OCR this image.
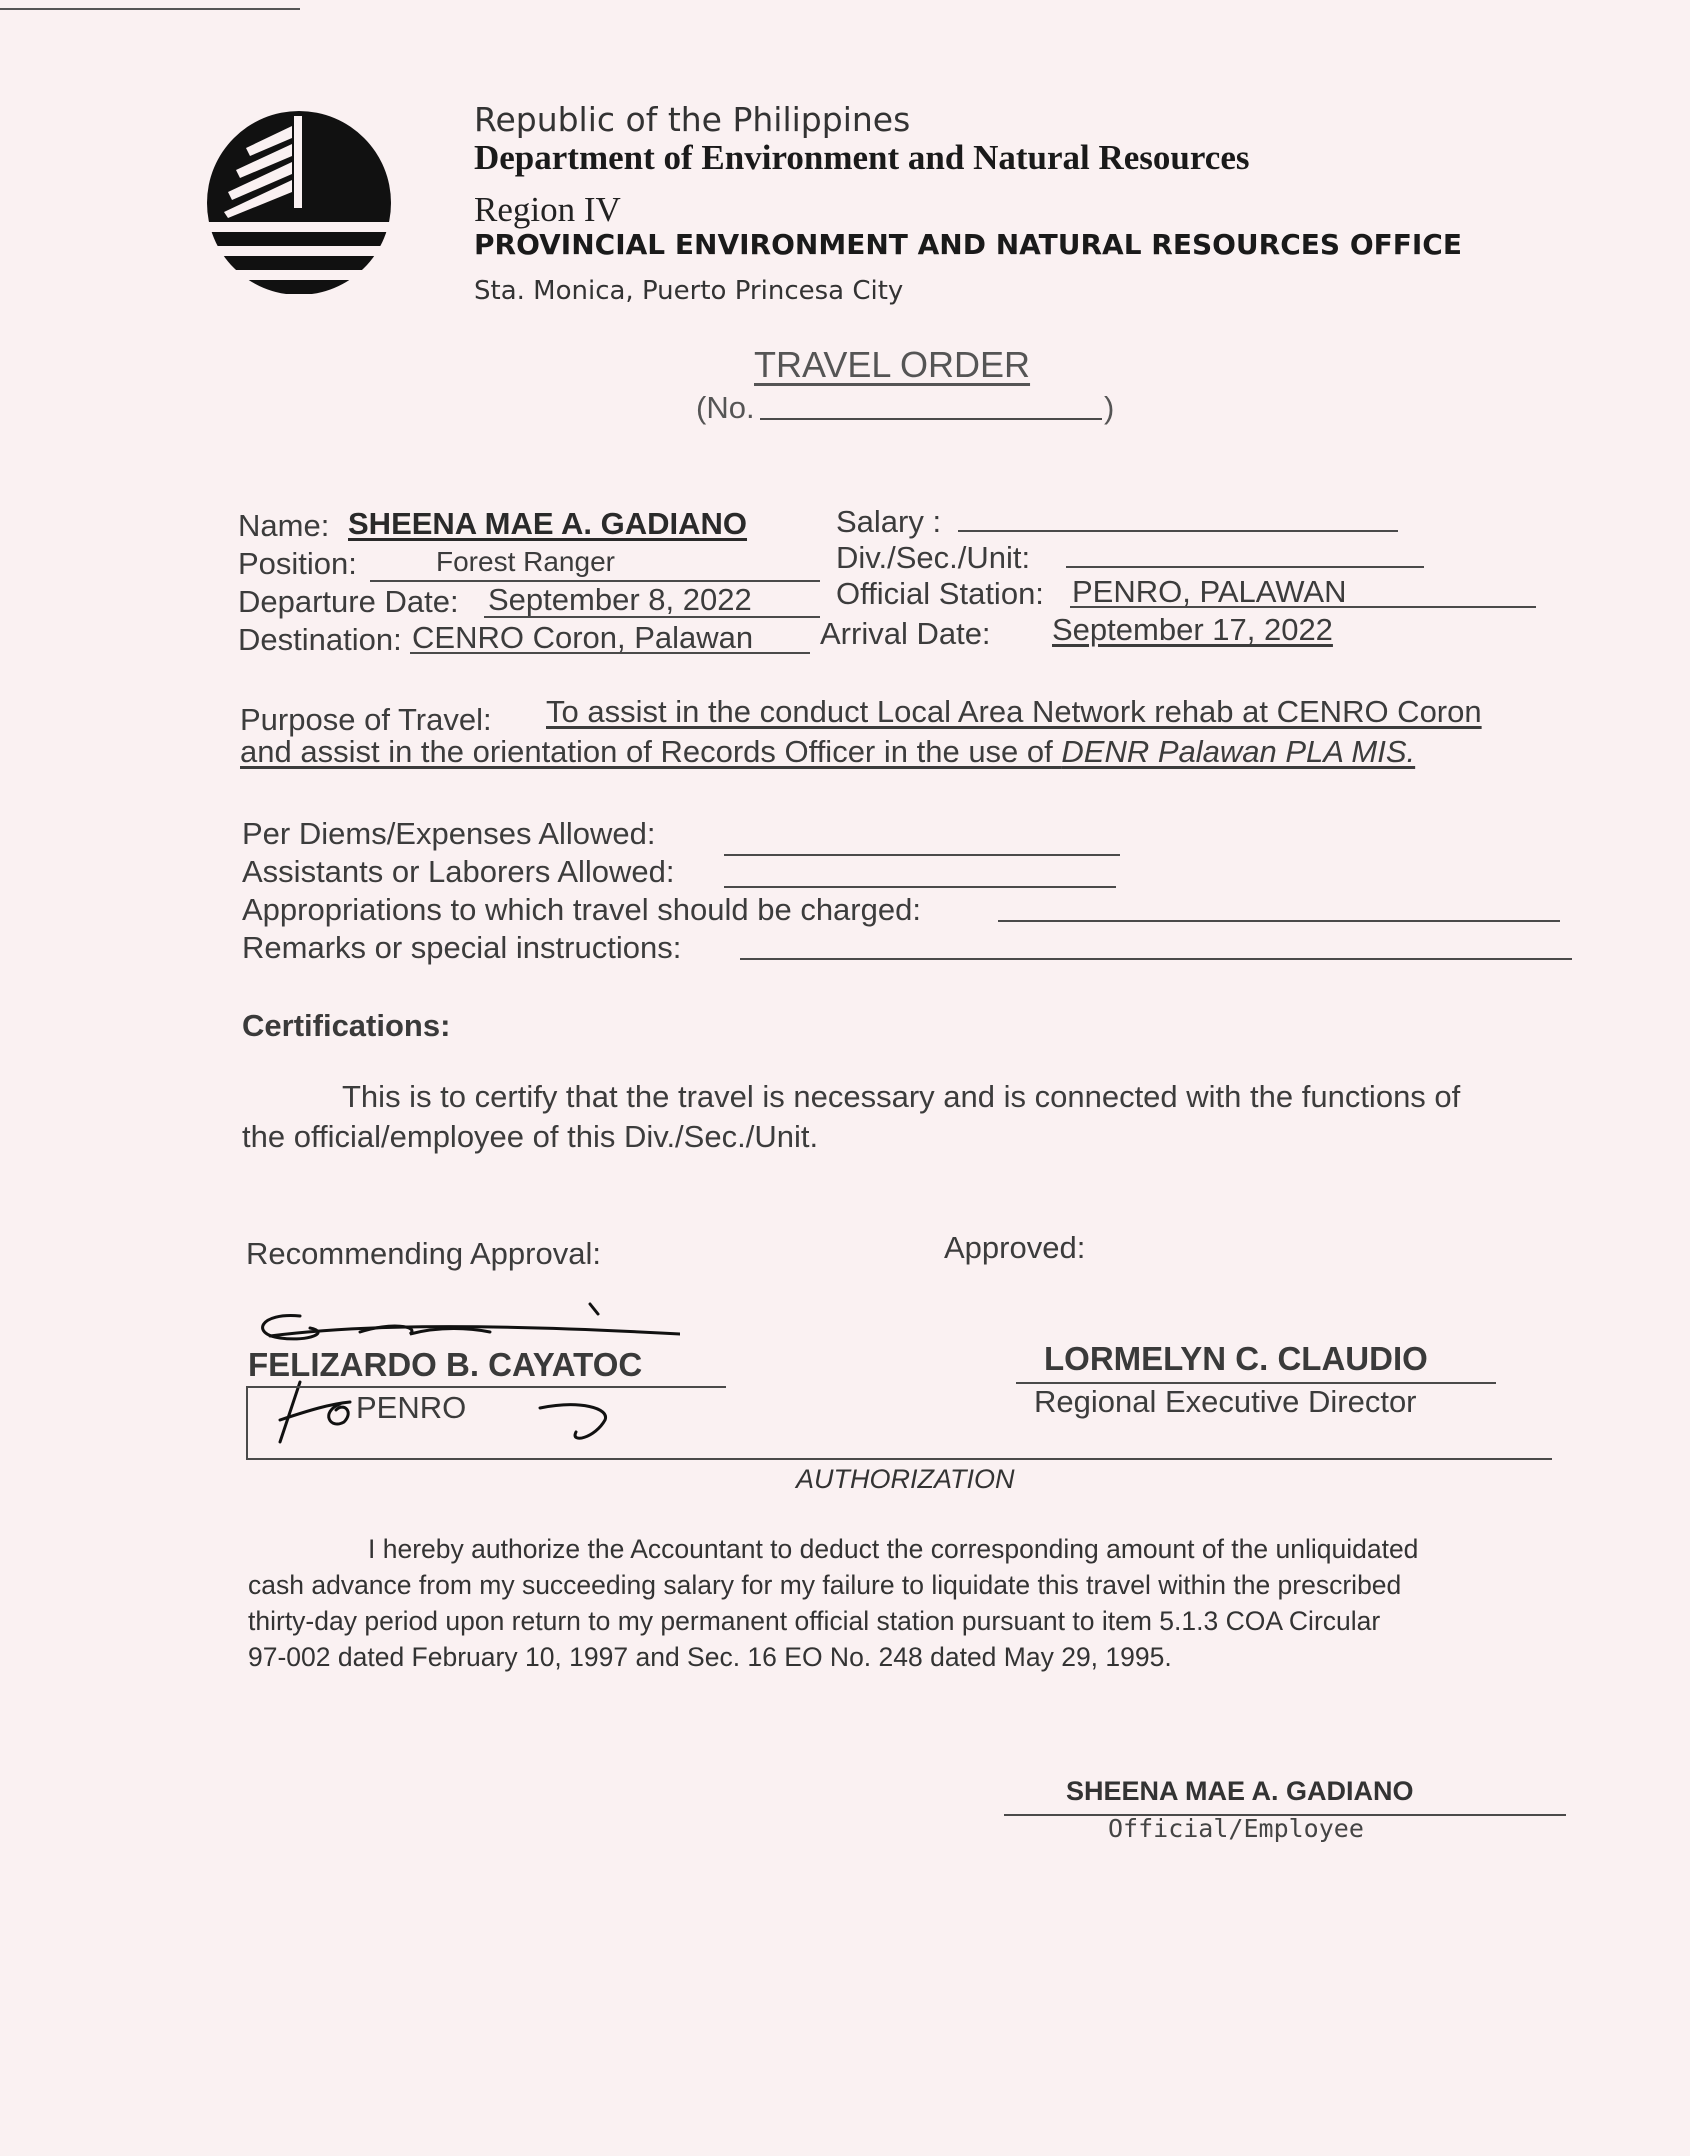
Republic of the Philippines
Department of Environment and Natural Resources
Region IV
PROVINCIAL ENVIRONMENT AND NATURAL RESOURCES OFFICE
Sta. Monica, Puerto Princesa City
TRAVEL ORDER
(No.	)
Name: SHEENA MAE A. GADIANO	Salary :
Position:	Forest Ranger	Div./Sec./Unit:
Departure Date: September 8, 2022	Official Station: PENRO, PALAWAN
Destination: CENRO Coron, Palawan Arrival Date: September 17, 2022
Purpose of Travel: To assist in the conduct Local Area Network rehab at CENRO Coron
and assist in the orientation of Records Officer in the use of DENR Palawan PLA MIS.
Per Diems/Expenses Allowed:
Assistants or Laborers Allowed:
Appropriations to which travel should be charged:
Remarks or special instructions:
Certifications:
This is to certify that the travel is necessary and is connected with the functions of
the official/employee of this Div./Sec./Unit.
Recommending Approval:	Approved:
FELIZARDO B. CAYATOC
PENRO
LORMELYN C. CLAUDIO
Regional Executive Director
AUTHORIZATION
I hereby authorize the Accountant to deduct the corresponding amount of the unliquidated
cash advance from my succeeding salary for my failure to liquidate this travel within the prescribed
thirty-day period upon return to my permanent official station pursuant to item 5.1.3 COA Circular
97-002 dated February 10, 1997 and Sec. 16 EO No. 248 dated May 29, 1995.
SHEENA MAE A. GADIANO
Official/Employee
